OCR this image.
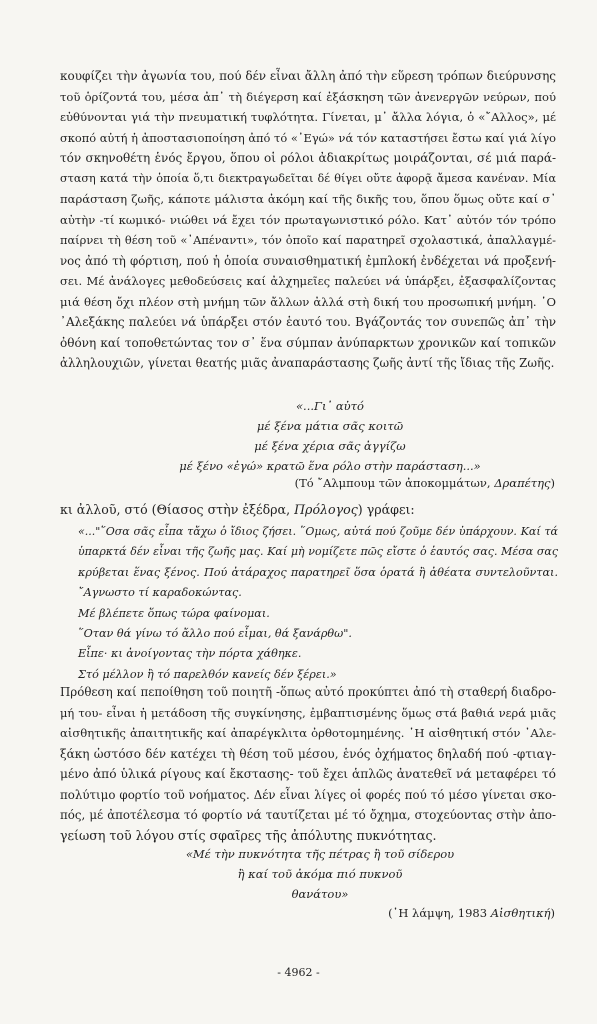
κουφίζει τὴν ἀγωνία του, πού δέν εἶναι ἄλλη ἀπό τὴν εὕρεση τρόπων διεύρυνσης
τοῦ ὁρίζοντά του, μέσα ἀπ᾽ τὴ διέγερση καί ἐξάσκηση τῶν ἀνενεργῶν νεύρων, πού
εὐθύνονται γιά τὴν πνευματική τυφλότητα. Γίνεται, μ᾽ ἄλλα λόγια, ὁ «῎Αλλος», μέ
σκοπό αὐτή ἡ ἀποστασιοποίηση ἀπό τό «᾽Εγώ» νά τόν καταστήσει ἔστω καί γιά λίγο
τόν σκηνοθέτη ἑνός ἔργου, ὅπου οἱ ρόλοι ἀδιακρίτως μοιράζονται, σέ μιά παρά-
σταση κατά τὴν ὁποία ὅ,τι διεκτραγωδεῖται δέ θίγει οὔτε ἀφορᾷ ἄμεσα κανέναν. Μία
παράσταση ζωῆς, κάποτε μάλιστα ἀκόμη καί τῆς δικῆς του, ὅπου ὅμως οὔτε καί σ᾽
αὐτὴν -τί κωμικό- νιώθει νά ἔχει τόν πρωταγωνιστικό ρόλο. Κατ᾽ αὐτόν τόν τρόπο
παίρνει τὴ θέση τοῦ «᾽Απέναντι», τόν ὁποῖο καί παρατηρεῖ σχολαστικά, ἀπαλλαγμέ-
νος ἀπό τὴ φόρτιση, πού ἡ ὁποία συναισθηματική ἐμπλοκή ἐνδέχεται νά προξενή-
σει. Μέ ἀνάλογες μεθοδεύσεις καί ἀλχημεῖες παλεύει νά ὑπάρξει, ἐξασφαλίζοντας
μιά θέση ὄχι πλέον στὴ μνήμη τῶν ἄλλων ἀλλά στὴ δική του προσωπική μνήμη. ῾Ο
᾽Αλεξάκης παλεύει νά ὑπάρξει στόν ἑαυτό του. Βγάζοντάς τον συνεπῶς ἀπ᾽ τὴν
ὀθόνη καί τοποθετώντας τον σ᾽ ἕνα σύμπαν ἀνύπαρκτων χρονικῶν καί τοπικῶν
ἀλληλουχιῶν, γίνεται θεατής μιᾶς ἀναπαράστασης ζωῆς ἀντί τῆς ἴδιας τῆς Ζωῆς.
«...Γι᾽ αὐτό
μέ ξένα μάτια σᾶς κοιτῶ
μέ ξένα χέρια σᾶς ἀγγίζω
μέ ξένο «ἐγώ» κρατῶ ἕνα ρόλο στὴν παράσταση...»
(Τό ῎Αλμπουμ τῶν ἀποκομμάτων, Δραπέτης)
κι ἀλλοῦ, στό (Θίασος στὴν ἐξέδρα, Πρόλογος) γράφει:
«..."῞Οσα σᾶς εἶπα τἄχω ὁ ἴδιος ζήσει. ῞Ομως, αὐτά πού ζοῦμε δέν ὑπάρχουν. Καί τά
ὑπαρκτά δέν εἶναι τῆς ζωῆς μας. Καί μὴ νομίζετε πῶς εἴστε ὁ ἑαυτός σας. Μέσα σας
κρύβεται ἕνας ξένος. Πού ἀτάραχος παρατηρεῖ ὅσα ὁρατά ἢ ἀθέατα συντελοῦνται.
῎Αγνωστο τί καραδοκώντας.
Μέ βλέπετε ὅπως τώρα φαίνομαι.
῞Οταν θά γίνω τό ἄλλο πού εἶμαι, θά ξανάρθω".
Εἶπε· κι ἀνοίγοντας τὴν πόρτα χάθηκε.
Στό μέλλον ἢ τό παρελθόν κανείς δέν ξέρει.»
Πρόθεση καί πεποίθηση τοῦ ποιητῆ -ὅπως αὐτό προκύπτει ἀπό τὴ σταθερή διαδρο-
μή του- εἶναι ἡ μετάδοση τῆς συγκίνησης, ἐμβαπτισμένης ὅμως στά βαθιά νερά μιᾶς
αἰσθητικῆς ἀπαιτητικῆς καί ἀπαρέγκλιτα ὀρθοτομημένης. ῾Η αἰσθητική στόν ᾽Αλε-
ξάκη ὡστόσο δέν κατέχει τὴ θέση τοῦ μέσου, ἑνός ὀχήματος δηλαδή πού -φτιαγ-
μένο ἀπό ὑλικά ρίγους καί ἔκστασης- τοῦ ἔχει ἁπλῶς ἀνατεθεῖ νά μεταφέρει τό
πολύτιμο φορτίο τοῦ νοήματος. Δέν εἶναι λίγες οἱ φορές πού τό μέσο γίνεται σκο-
πός, μέ ἀποτέλεσμα τό φορτίο νά ταυτίζεται μέ τό ὄχημα, στοχεύοντας στὴν ἀπο-
γείωση τοῦ λόγου στίς σφαῖρες τῆς ἀπόλυτης πυκνότητας.
«Μέ τὴν πυκνότητα τῆς πέτρας ἢ τοῦ σίδερου
ἢ καί τοῦ ἀκόμα πιό πυκνοῦ
θανάτου»
(῾Η λάμψη, 1983 Αἰσθητική)
- 4962 -
